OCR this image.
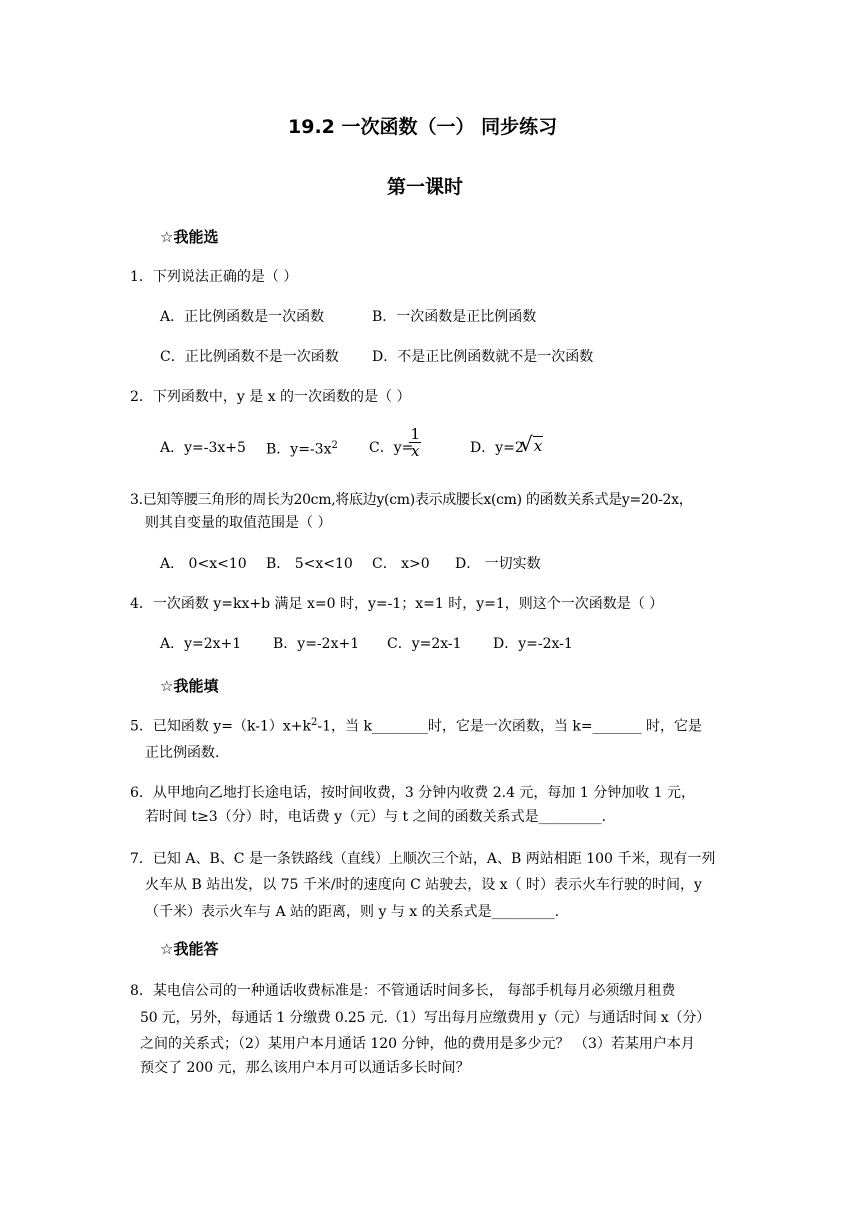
19.2 一次函数（一） 同步练习
第一课时
☆我能选
1．下列说法正确的是（ ）
A．正比例函数是一次函数	B．一次函数是正比例函数
C．正比例函数不是一次函数 D．不是正比例函数就不是一次函数
2．下列函数中，y 是 x 的一次函数的是（ ）
A．y=-3x+5 B．$y=-3x^2$ C．y=
$\frac{1}{x}$	D．y=2
√x
3.已知等腰三角形的周长为20cm,将底边y(cm)表示成腰长x(cm) 的函数关系式是y=20-2x，
则其自变量的取值范围是（ ）
A． 0<x<10 B． 5<x<10 C． x>0 D． 一切实数
4．一次函数 y=kx+b 满足 x=0 时，y=-1；x=1 时，y=1，则这个一次函数是（ ）
A．y=2x+1 B．y=-2x+1 C．y=2x-1 D．y=-2x-1
☆我能填
5．已知函数 $y=(k-1)x+k^2-1$，当 k________时，它是一次函数，当 k=_______ 时，它是
正比例函数.
6．从甲地向乙地打长途电话，按时间收费，3 分钟内收费 2.4 元，每加 1 分钟加收 1 元，
若时间 t≥3（分）时，电话费 y（元）与 t 之间的函数关系式是_________.
7．已知 A、B、C 是一条铁路线（直线）上顺次三个站，A、B 两站相距 100 千米，现有一列
火车从 B 站出发，以 75 千米/时的速度向 C 站驶去，设 x（ 时）表示火车行驶的时间，y
（千米）表示火车与 A 站的距离，则 y 与 x 的关系式是_________.
☆我能答
8．某电信公司的一种通话收费标准是：不管通话时间多长， 每部手机每月必须缴月租费
50 元，另外，每通话 1 分缴费 0.25 元.（1）写出每月应缴费用 y（元）与通话时间 x（分）
之间的关系式；（2）某用户本月通话 120 分钟，他的费用是多少元？ （3）若某用户本月
预交了 200 元，那么该用户本月可以通话多长时间？
